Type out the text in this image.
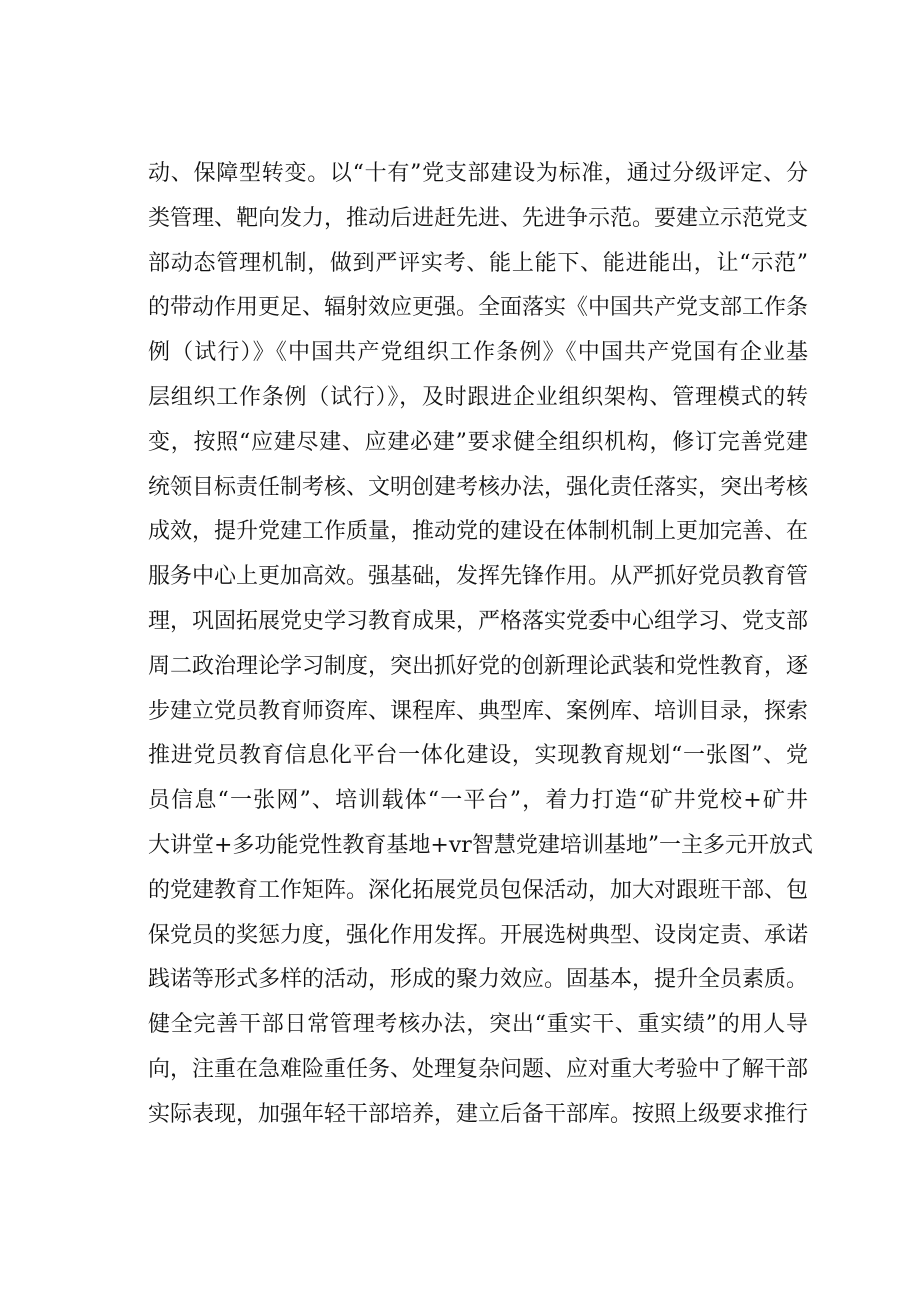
动、保障型转变。以“十有”党支部建设为标准，通过分级评定、分
类管理、靶向发力，推动后进赶先进、先进争示范。要建立示范党支
部动态管理机制，做到严评实考、能上能下、能进能出，让“示范”
的带动作用更足、辐射效应更强。全面落实《中国共产党支部工作条
例（试行）》《中国共产党组织工作条例》《中国共产党国有企业基
层组织工作条例（试行）》，及时跟进企业组织架构、管理模式的转
变，按照“应建尽建、应建必建”要求健全组织机构，修订完善党建
统领目标责任制考核、文明创建考核办法，强化责任落实，突出考核
成效，提升党建工作质量，推动党的建设在体制机制上更加完善、在
服务中心上更加高效。强基础，发挥先锋作用。从严抓好党员教育管
理，巩固拓展党史学习教育成果，严格落实党委中心组学习、党支部
周二政治理论学习制度，突出抓好党的创新理论武装和党性教育，逐
步建立党员教育师资库、课程库、典型库、案例库、培训目录，探索
推进党员教育信息化平台一体化建设，实现教育规划“一张图”、党
员信息“一张网”、培训载体“一平台”，着力打造“矿井党校+矿井
大讲堂+多功能党性教育基地+vr智慧党建培训基地”一主多元开放式
的党建教育工作矩阵。深化拓展党员包保活动，加大对跟班干部、包
保党员的奖惩力度，强化作用发挥。开展选树典型、设岗定责、承诺
践诺等形式多样的活动，形成的聚力效应。固基本，提升全员素质。
健全完善干部日常管理考核办法，突出“重实干、重实绩”的用人导
向，注重在急难险重任务、处理复杂问题、应对重大考验中了解干部
实际表现，加强年轻干部培养，建立后备干部库。按照上级要求推行
